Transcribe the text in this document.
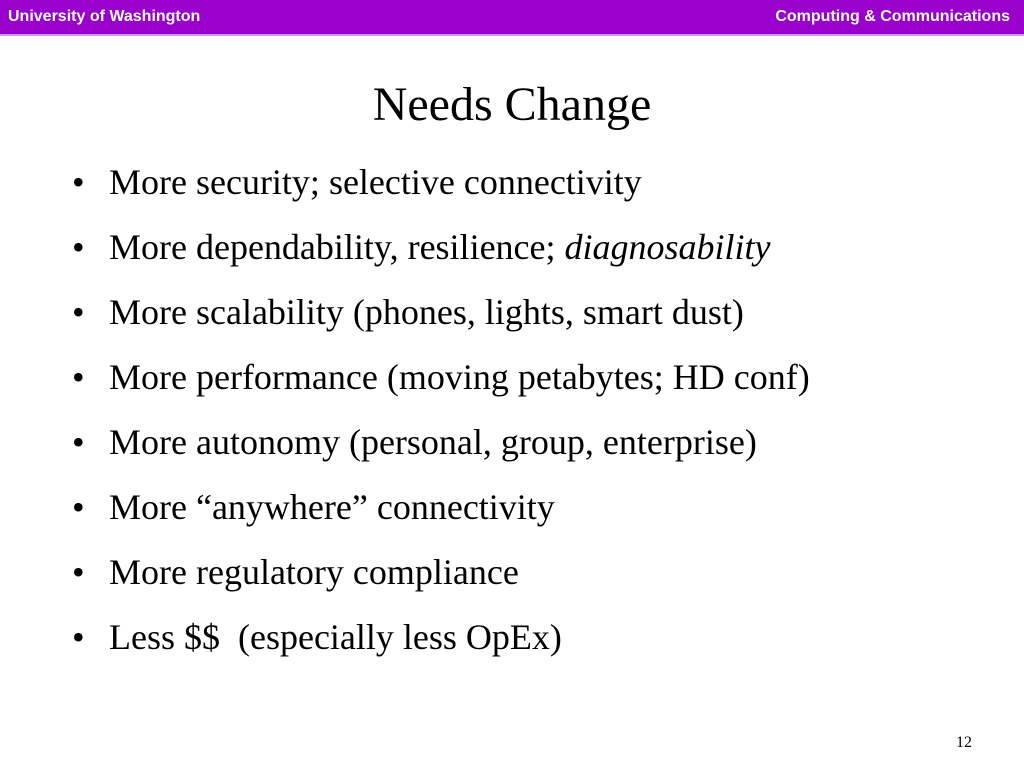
University of Washington	Computing & Communications
Needs Change
• More security; selective connectivity
• More dependability, resilience; diagnosability
• More scalability (phones, lights, smart dust)
• More performance (moving petabytes; HD conf)
• More autonomy (personal, group, enterprise)
• More “anywhere” connectivity
• More regulatory compliance
• Less $$  (especially less OpEx)
12
